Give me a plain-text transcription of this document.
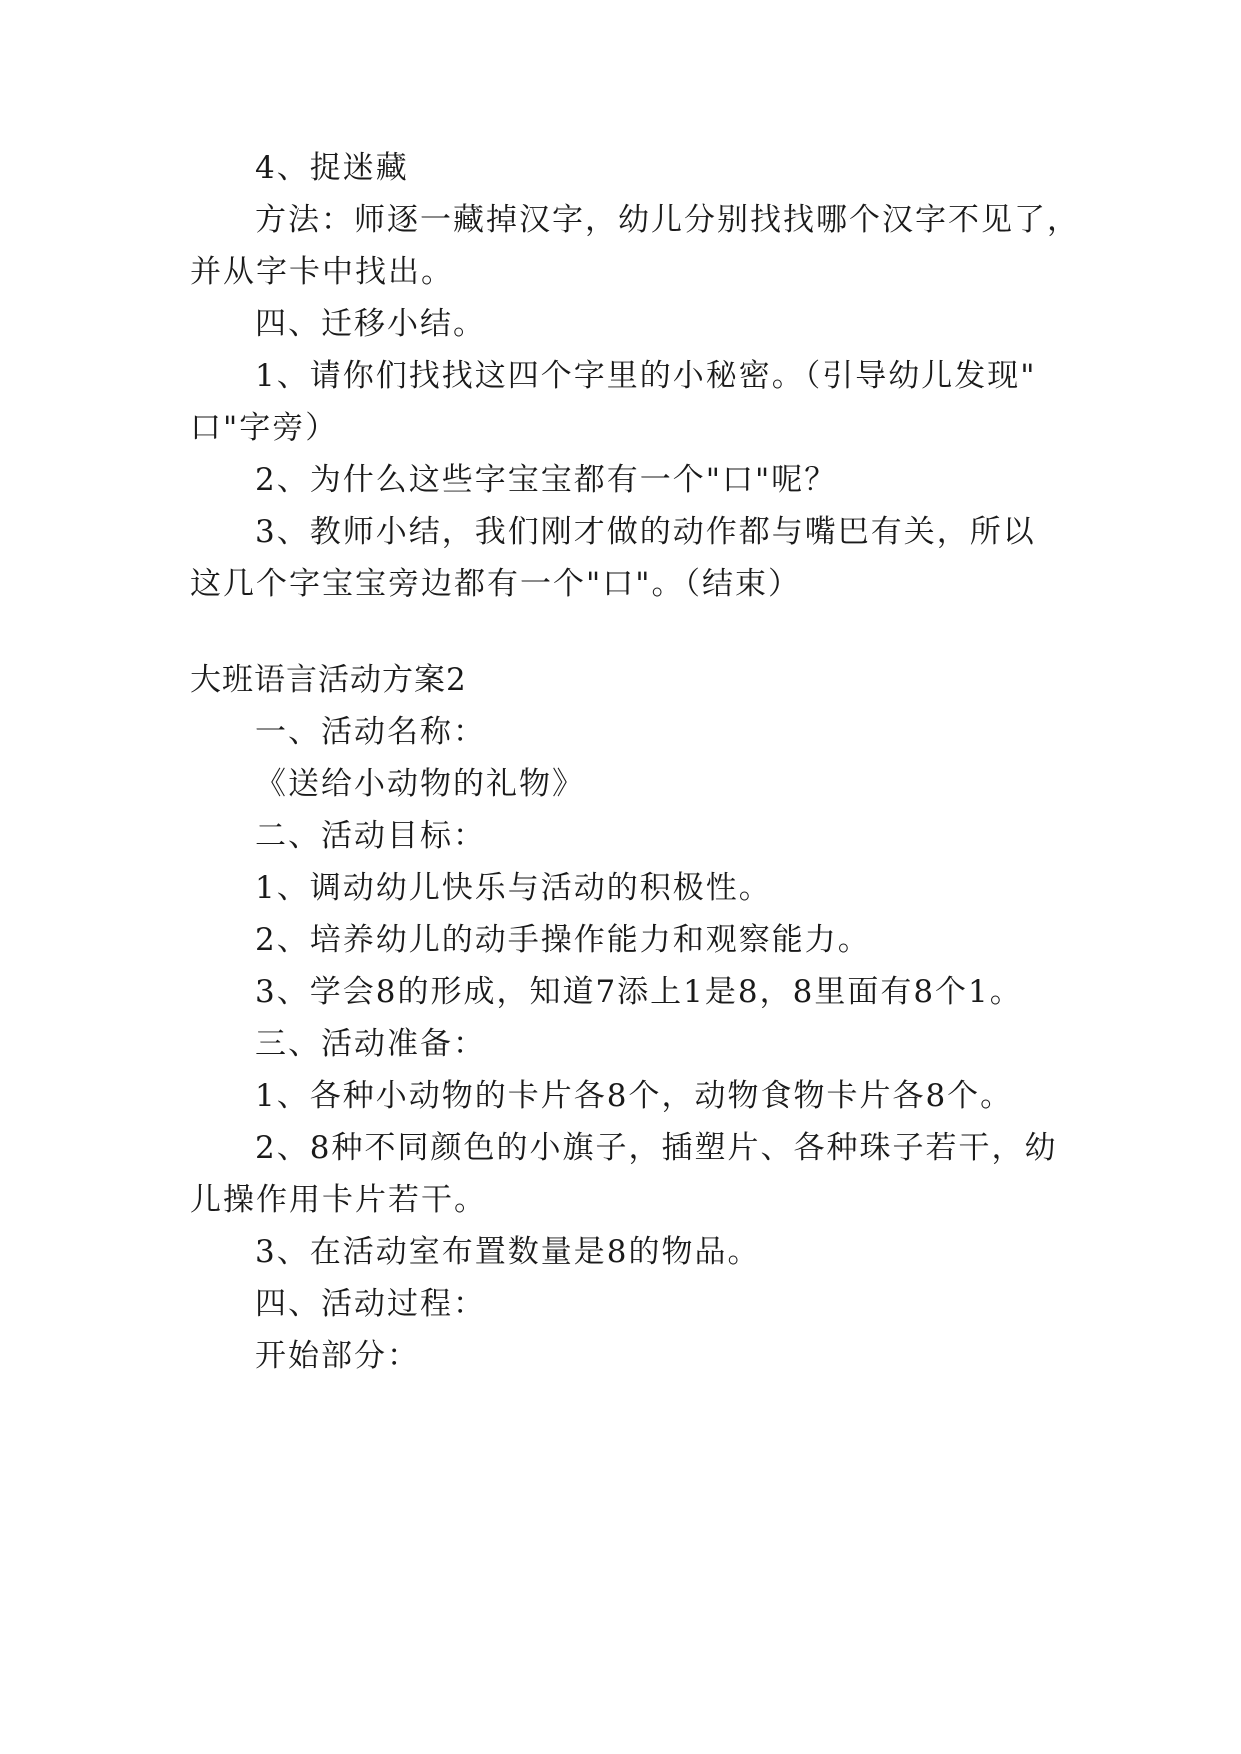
4、捉迷藏
方法：师逐一藏掉汉字，幼儿分别找找哪个汉字不见了，
并从字卡中找出。
四、迁移小结。
1、请你们找找这四个字里的小秘密。（引导幼儿发现"
口"字旁）
2、为什么这些字宝宝都有一个"口"呢？
3、教师小结，我们刚才做的动作都与嘴巴有关，所以
这几个字宝宝旁边都有一个"口"。（结束）
大班语言活动方案2
一、活动名称：
《送给小动物的礼物》
二、活动目标：
1、调动幼儿快乐与活动的积极性。
2、培养幼儿的动手操作能力和观察能力。
3、学会8的形成，知道7添上1是8，8里面有8个1。
三、活动准备：
1、各种小动物的卡片各8个，动物食物卡片各8个。
2、8种不同颜色的小旗子，插塑片、各种珠子若干，幼
儿操作用卡片若干。
3、在活动室布置数量是8的物品。
四、活动过程：
开始部分：
